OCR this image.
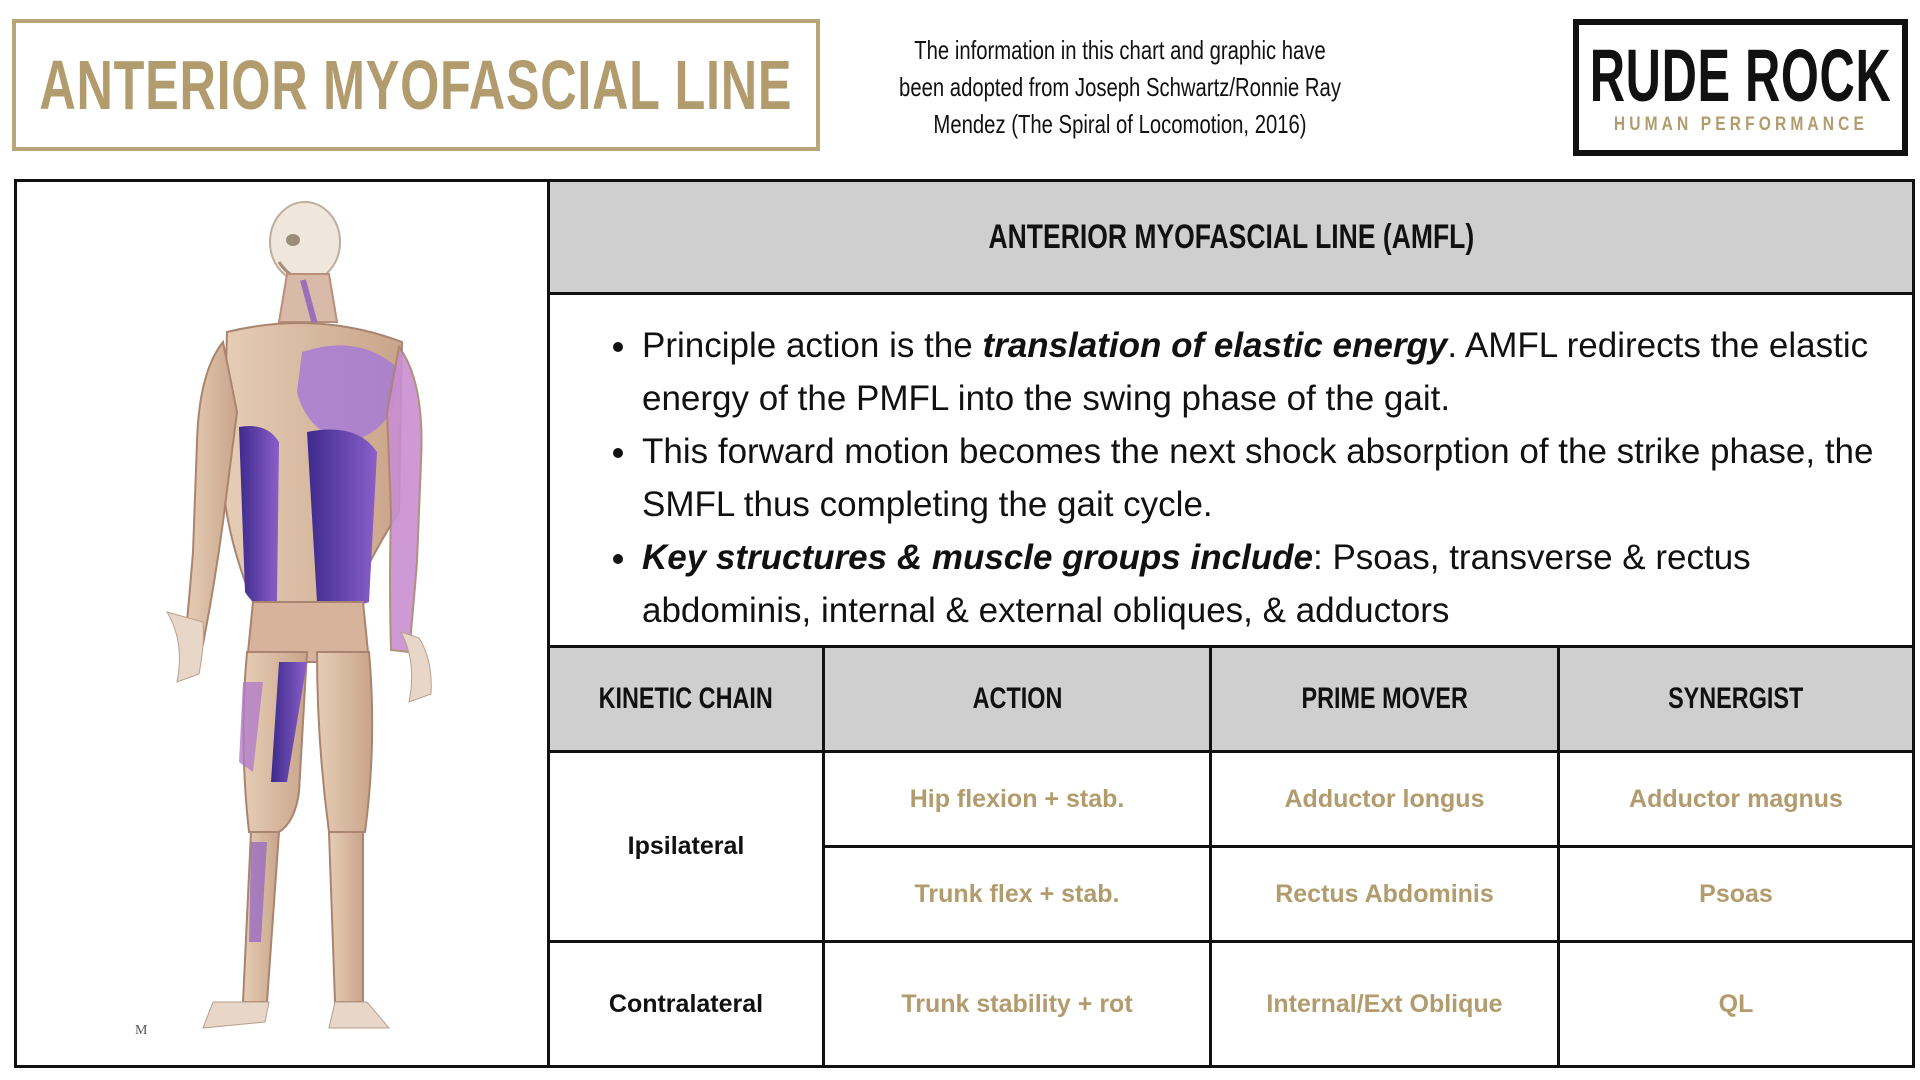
ANTERIOR MYOFASCIAL LINE	The information in this chart and graphic have been adopted from Joseph Schwartz/Ronnie Ray Mendez (The Spiral of Locomotion, 2016)
RUDE ROCK
HUMAN PERFORMANCE
M
ANTERIOR MYOFASCIAL LINE (AMFL)
• Principle action is the translation of elastic energy. AMFL redirects the elastic energy of the PMFL into the swing phase of the gait.
• This forward motion becomes the next shock absorption of the strike phase, the SMFL thus completing the gait cycle.
• Key structures & muscle groups include: Psoas, transverse & rectus abdominis, internal & external obliques, & adductors
KINETIC CHAIN	ACTION	PRIME MOVER	SYNERGIST
Ipsilateral
Hip flexion + stab.	Adductor longus	Adductor magnus
Trunk flex + stab.	Rectus Abdominis	Psoas
Contralateral	Trunk stability + rot	Internal/Ext Oblique	QL
